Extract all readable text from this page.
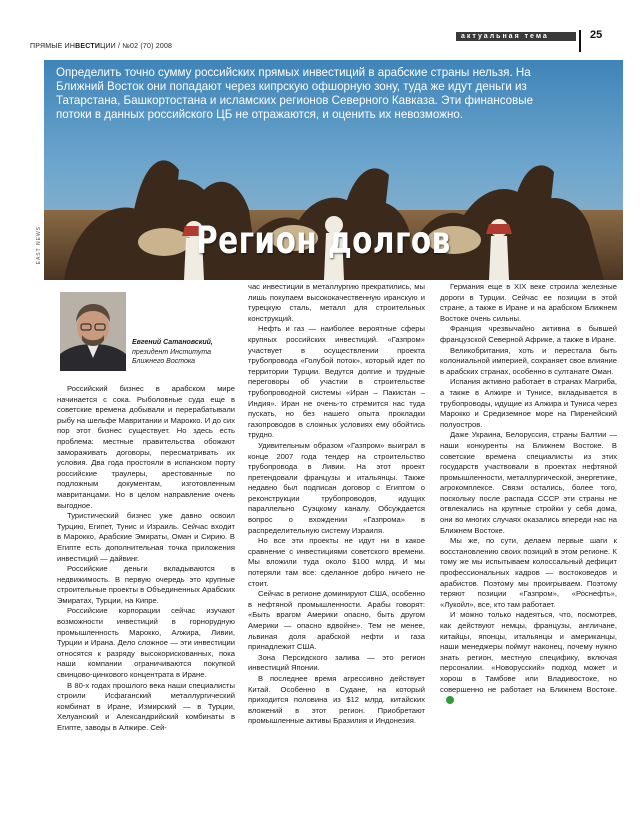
актуальная тема	25
ПРЯМЫЕ ИНВЕСТИЦИИ / №02 (70) 2008
Определить точно сумму российских прямых инвестиций в арабские страны нельзя. На Ближний Восток они попадают через кипрскую офшорную зону, туда же идут деньги из Татарстана, Башкортостана и исламских регионов Северного Кавказа. Эти финансовые потоки в данных российского ЦБ не отражаются, и оценить их невозможно.
Регион долгов
EAST NEWS
Евгений Сатановский,
президент Института Ближнего Востока

Российский бизнес в арабском мире начинается с сока. Рыболовные суда еще в советские времена добывали и перерабатывали рыбу на шельфе Мавритании и Марокко. И до сих пор этот бизнес существует. Но здесь есть проблема: местные правительства обожают замораживать договоры, пересматривать их условия. Два года простояли в испанском порту российские траулеры, арестованные по подложным документам, изготовленным мавританцами. Но в целом направление очень выгодное.

Туристический бизнес уже давно освоил Турцию, Египет, Тунис и Израиль. Сейчас входит в Марокко, Арабские Эмираты, Оман и Сирию. В Египте есть дополнительная точка приложения инвестиций — дайвинг.

Российские деньги вкладываются в недвижимость. В первую очередь это крупные строительные проекты в Объединенных Арабских Эмиратах, Турции, на Кипре.

Российские корпорации сейчас изучают возможности инвестиций в горнорудную промышленность Марокко, Алжира, Ливии, Турции и Ирана. Дело сложное — эти инвестиции относятся к разряду высокорискованных, пока наши компании ограничиваются покупкой свинцово-цинкового концентрата в Иране.

В 80-х годах прошлого века наши специалисты строили Исфаганский металлургический комбинат в Иране, Измирский — в Турции, Хелуанский и Александрийский комбинаты в Египте, заводы в Алжире. Сей-

час инвестиции в металлургию прекратились, мы лишь покупаем высококачественную иранскую и турецкую сталь, металл для строительных конструкций.

Нефть и газ — наиболее вероятные сферы крупных российских инвестиций. «Газпром» участвует в осуществлении проекта трубопровода «Голубой поток», который идет по территории Турции. Ведутся долгие и трудные переговоры об участии в строительстве трубопроводной системы «Иран – Пакистан – Индия». Иран не очень-то стремится нас туда пускать, но без нашего опыта прокладки газопроводов в сложных условиях ему обойтись трудно.

Удивительным образом «Газпром» выиграл в конце 2007 года тендер на строительство трубопровода в Ливии. На этот проект претендовали французы и итальянцы. Также недавно был подписан договор с Египтом о реконструкции трубопроводов, идущих параллельно Суэцкому каналу. Обсуждается вопрос о вхождении «Газпрома» в распределительную систему Израиля.

Но все эти проекты не идут ни в какое сравнение с инвестициями советского времени. Мы вложили туда около $100 млрд. И мы потеряли там все: сделанное добро ничего не стоит.

Сейчас в регионе доминируют США, особенно в нефтяной промышленности. Арабы говорят: «Быть врагом Америки опасно, быть другом Америки — опасно вдвойне». Тем не менее, львиная доля арабской нефти и газа принадлежит США.

Зона Персидского залива — это регион инвестиций Японии.

В последнее время агрессивно действует Китай. Особенно в Судане, на который приходится половина из $12 млрд. китайских вложений в этот регион. Приобретают промышленные активы Бразилия и Индонезия.

Германия еще в XIX веке строила железные дороги в Турции. Сейчас ее позиции в этой стране, а также в Иране и на арабском Ближнем Востоке очень сильны.

Франция чрезвычайно активна в бывшей французской Северной Африке, а также в Иране.

Великобритания, хоть и перестала быть колониальной империей, сохраняет свое влияние в арабских странах, особенно в султанате Оман.

Испания активно работает в странах Магриба, а также в Алжире и Тунисе, вкладывается в трубопроводы, идущие из Алжира и Туниса через Марокко и Средиземное море на Пиренейский полуостров.

Даже Украина, Белоруссия, страны Балтии — наши конкуренты на Ближнем Востоке. В советские времена специалисты из этих государств участвовали в проектах нефтяной промышленности, металлургической, энергетике, агрокомплексе. Связи остались, более того, поскольку после распада СССР эти страны не отвлекались на крупные стройки у себя дома, они во многих случаях оказались впереди нас на Ближнем Востоке.

Мы же, по сути, делаем первые шаги к восстановлению своих позиций в этом регионе. К тому же мы испытываем колоссальный дефицит профессиональных кадров — востоковедов и арабистов. Поэтому мы проигрываем. Поэтому теряют позиции «Газпром», «Роснефть», «Лукойл», все, кто там работает.

И можно только надеяться, что, посмотрев, как действуют немцы, французы, англичане, китайцы, японцы, итальянцы и американцы, наши менеджеры поймут наконец, почему нужно знать регион, местную специфику, включая персоналии. «Новорусский» подход может и хорош в Тамбове или Владивостоке, но совершенно не работает на Ближнем Востоке.
